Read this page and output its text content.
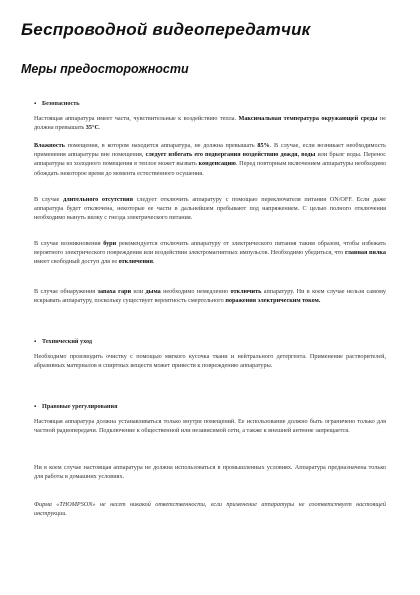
Беспроводной видеопередатчик
Меры предосторожности
▪ Безопасность

Настоящая аппаратура имеет части, чувствительные к воздействию тепла. Максимальная температура окружающей среды не должна превышать 35°С.

Влажность помещения, в котором находится аппаратура, не должна превышать 85%. В случае, если возникает необходимость применения аппаратуры вне помещения, следует избегать его подвергания воздействию дождя, воды или брызг воды. Перенос аппаратуры из холодного помещения в теплое может вызвать конденсацию. Перед повторным включением аппаратуры необходимо обождать некоторое время до момента естественного осушения.

В случае длительного отсутствия следует отключить аппаратуру с помощью переключателя питания ON/OFF. Если даже аппаратура будет отключена, некоторые ее части в дальнейшем пребывают под напряжением. С целью полного отключения необходимо вынуть вилку с гнезда электрического питания.

В случае возникновения бури рекомендуется отключить аппаратуру от электрического питания таким образом, чтобы избежать вероятного электрического повреждения или воздействия электромагнитных импульсов. Необходимо убедиться, что главная вилка имеет свободный доступ для ее отключения.

В случае обнаружения запаха гари или дыма необходимо немедленно отключить аппаратуру. Ни в коем случае нельзя самому вскрывать аппаратуру, поскольку существует вероятность смертельного поражения электрическим током.

▪ Технический уход

Необходимо производить очистку с помощью мягкого кусочка ткани и нейтрального детергента. Применение растворителей, абразивных материалов и спиртных веществ может привести к повреждению аппаратуры.

▪ Правовые урегулирования

Настоящая аппаратура должна устанавливаться только внутри помещений. Ее использование должно быть ограничено только для частной радиопередачи. Подключение к общественной или независимой сети, а также к внешней антенне запрещается.

Ни в коем случае настоящая аппаратура не должна использоваться в промышленных условиях. Аппаратура предназначена только для работы в домашних условиях.

Фирма «THOMPSON» не несет никакой ответственности, если применение аппаратуры не соответствует настоящей инструкции.
